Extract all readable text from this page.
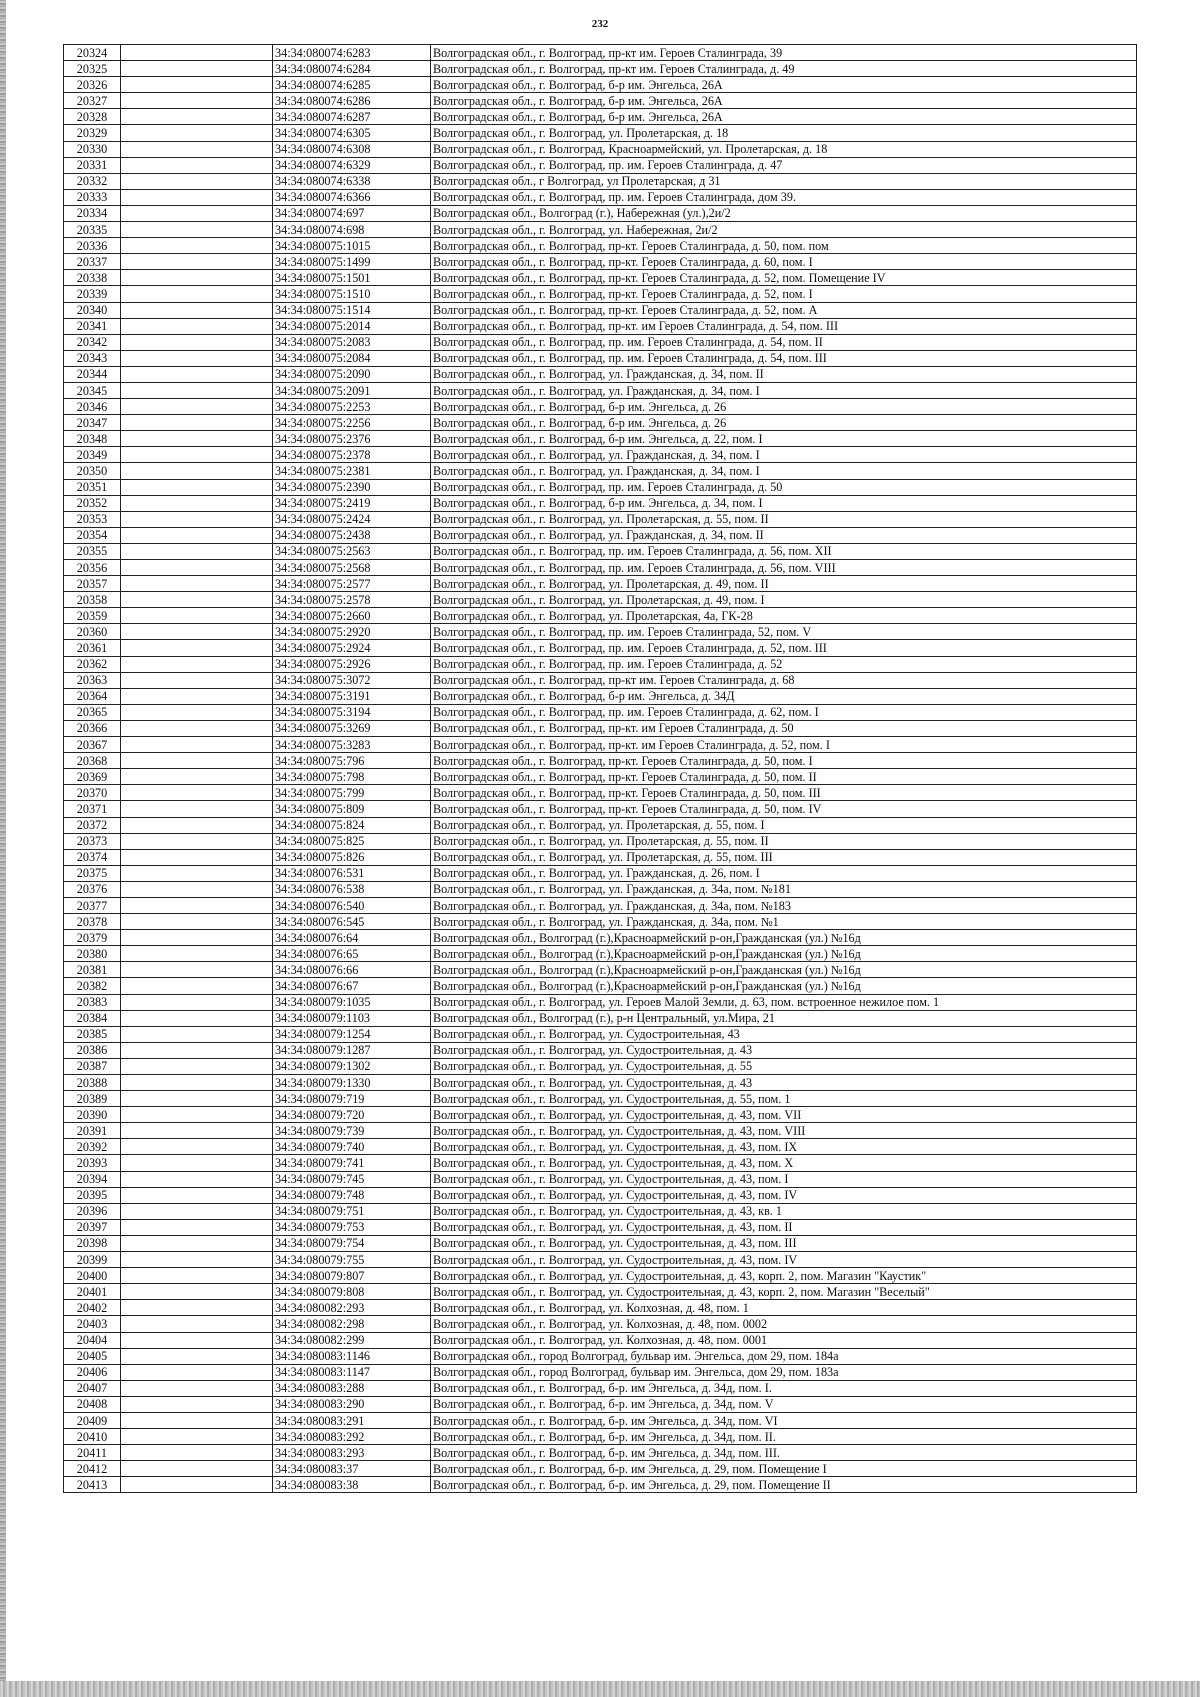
232
20324		34:34:080074:6283	Волгоградская обл., г. Волгоград, пр-кт им. Героев Сталинграда, 39
20325		34:34:080074:6284	Волгоградская обл., г. Волгоград, пр-кт им. Героев Сталинграда, д. 49
20326		34:34:080074:6285	Волгоградская обл., г. Волгоград, б-р им. Энгельса, 26А
20327		34:34:080074:6286	Волгоградская обл., г. Волгоград, б-р им. Энгельса, 26А
20328		34:34:080074:6287	Волгоградская обл., г. Волгоград, б-р им. Энгельса, 26А
20329		34:34:080074:6305	Волгоградская обл., г. Волгоград, ул. Пролетарская, д. 18
20330		34:34:080074:6308	Волгоградская обл., г. Волгоград, Красноармейский, ул. Пролетарская, д. 18
20331		34:34:080074:6329	Волгоградская обл., г. Волгоград, пр. им. Героев Сталинграда, д. 47
20332		34:34:080074:6338	Волгоградская обл., г Волгоград, ул Пролетарская, д 31
20333		34:34:080074:6366	Волгоградская обл., г. Волгоград, пр. им. Героев Сталинграда, дом 39.
20334		34:34:080074:697	Волгоградская обл., Волгоград (г.), Набережная (ул.),2и/2
20335		34:34:080074:698	Волгоградская обл., г. Волгоград, ул. Набережная, 2и/2
20336		34:34:080075:1015	Волгоградская обл., г. Волгоград, пр-кт. Героев Сталинграда, д. 50, пом. пом
20337		34:34:080075:1499	Волгоградская обл., г. Волгоград, пр-кт. Героев Сталинграда, д. 60, пом. I
20338		34:34:080075:1501	Волгоградская обл., г. Волгоград, пр-кт. Героев Сталинграда, д. 52, пом. Помещение IV
20339		34:34:080075:1510	Волгоградская обл., г. Волгоград, пр-кт. Героев Сталинграда, д. 52, пом. I
20340		34:34:080075:1514	Волгоградская обл., г. Волгоград, пр-кт. Героев Сталинграда, д. 52, пом. А
20341		34:34:080075:2014	Волгоградская обл., г. Волгоград, пр-кт. им Героев Сталинграда, д. 54, пом. III
20342		34:34:080075:2083	Волгоградская обл., г. Волгоград, пр. им. Героев Сталинграда, д. 54, пом. II
20343		34:34:080075:2084	Волгоградская обл., г. Волгоград, пр. им. Героев Сталинграда, д. 54, пом. III
20344		34:34:080075:2090	Волгоградская обл., г. Волгоград, ул. Гражданская, д. 34, пом. II
20345		34:34:080075:2091	Волгоградская обл., г. Волгоград, ул. Гражданская, д. 34, пом. I
20346		34:34:080075:2253	Волгоградская обл., г. Волгоград, б-р им. Энгельса, д. 26
20347		34:34:080075:2256	Волгоградская обл., г. Волгоград, б-р им. Энгельса, д. 26
20348		34:34:080075:2376	Волгоградская обл., г. Волгоград, б-р им. Энгельса, д. 22, пом. I
20349		34:34:080075:2378	Волгоградская обл., г. Волгоград, ул. Гражданская, д. 34, пом. I
20350		34:34:080075:2381	Волгоградская обл., г. Волгоград, ул. Гражданская, д. 34, пом. I
20351		34:34:080075:2390	Волгоградская обл., г. Волгоград, пр. им. Героев Сталинграда, д. 50
20352		34:34:080075:2419	Волгоградская обл., г. Волгоград, б-р им. Энгельса, д. 34, пом. I
20353		34:34:080075:2424	Волгоградская обл., г. Волгоград, ул. Пролетарская, д. 55, пом. II
20354		34:34:080075:2438	Волгоградская обл., г. Волгоград, ул. Гражданская, д. 34, пом. II
20355		34:34:080075:2563	Волгоградская обл., г. Волгоград, пр. им. Героев Сталинграда, д. 56, пом. XII
20356		34:34:080075:2568	Волгоградская обл., г. Волгоград, пр. им. Героев Сталинграда, д. 56, пом. VIII
20357		34:34:080075:2577	Волгоградская обл., г. Волгоград, ул. Пролетарская, д. 49, пом. II
20358		34:34:080075:2578	Волгоградская обл., г. Волгоград, ул. Пролетарская, д. 49, пом. I
20359		34:34:080075:2660	Волгоградская обл., г. Волгоград, ул. Пролетарская, 4а, ГК-28
20360		34:34:080075:2920	Волгоградская обл., г. Волгоград, пр. им. Героев Сталинграда, 52, пом. V
20361		34:34:080075:2924	Волгоградская обл., г. Волгоград, пр. им. Героев Сталинграда, д. 52, пом. III
20362		34:34:080075:2926	Волгоградская обл., г. Волгоград, пр. им. Героев Сталинграда, д. 52
20363		34:34:080075:3072	Волгоградская обл., г. Волгоград, пр-кт им. Героев Сталинграда, д. 68
20364		34:34:080075:3191	Волгоградская обл., г. Волгоград, б-р им. Энгельса, д. 34Д
20365		34:34:080075:3194	Волгоградская обл., г. Волгоград, пр. им. Героев Сталинграда, д. 62, пом. I
20366		34:34:080075:3269	Волгоградская обл., г. Волгоград, пр-кт. им Героев Сталинграда, д. 50
20367		34:34:080075:3283	Волгоградская обл., г. Волгоград, пр-кт. им Героев Сталинграда, д. 52, пом. I
20368		34:34:080075:796	Волгоградская обл., г. Волгоград, пр-кт. Героев Сталинграда, д. 50, пом. I
20369		34:34:080075:798	Волгоградская обл., г. Волгоград, пр-кт. Героев Сталинграда, д. 50, пом. II
20370		34:34:080075:799	Волгоградская обл., г. Волгоград, пр-кт. Героев Сталинграда, д. 50, пом. III
20371		34:34:080075:809	Волгоградская обл., г. Волгоград, пр-кт. Героев Сталинграда, д. 50, пом. IV
20372		34:34:080075:824	Волгоградская обл., г. Волгоград, ул. Пролетарская, д. 55, пом. I
20373		34:34:080075:825	Волгоградская обл., г. Волгоград, ул. Пролетарская, д. 55, пом. II
20374		34:34:080075:826	Волгоградская обл., г. Волгоград, ул. Пролетарская, д. 55, пом. III
20375		34:34:080076:531	Волгоградская обл., г. Волгоград, ул. Гражданская, д. 26, пом. I
20376		34:34:080076:538	Волгоградская обл., г. Волгоград, ул. Гражданская, д. 34а, пом. №181
20377		34:34:080076:540	Волгоградская обл., г. Волгоград, ул. Гражданская, д. 34а, пом. №183
20378		34:34:080076:545	Волгоградская обл., г. Волгоград, ул. Гражданская, д. 34а, пом. №1
20379		34:34:080076:64	Волгоградская обл., Волгоград (г.),Красноармейский р-он,Гражданская (ул.) №16д
20380		34:34:080076:65	Волгоградская обл., Волгоград (г.),Красноармейский р-он,Гражданская (ул.) №16д
20381		34:34:080076:66	Волгоградская обл., Волгоград (г.),Красноармейский р-он,Гражданская (ул.) №16д
20382		34:34:080076:67	Волгоградская обл., Волгоград (г.),Красноармейский р-он,Гражданская (ул.) №16д
20383		34:34:080079:1035	Волгоградская обл., г. Волгоград, ул. Героев Малой Земли, д. 63, пом. встроенное нежилое пом. 1
20384		34:34:080079:1103	Волгоградская обл., Волгоград (г.), р-н Центральный, ул.Мира, 21
20385		34:34:080079:1254	Волгоградская обл., г. Волгоград, ул. Судостроительная, 43
20386		34:34:080079:1287	Волгоградская обл., г. Волгоград, ул. Судостроительная, д. 43
20387		34:34:080079:1302	Волгоградская обл., г. Волгоград, ул. Судостроительная, д. 55
20388		34:34:080079:1330	Волгоградская обл., г. Волгоград, ул. Судостроительная, д. 43
20389		34:34:080079:719	Волгоградская обл., г. Волгоград, ул. Судостроительная, д. 55, пом. 1
20390		34:34:080079:720	Волгоградская обл., г. Волгоград, ул. Судостроительная, д. 43, пом. VII
20391		34:34:080079:739	Волгоградская обл., г. Волгоград, ул. Судостроительная, д. 43, пом. VIII
20392		34:34:080079:740	Волгоградская обл., г. Волгоград, ул. Судостроительная, д. 43, пом. IX
20393		34:34:080079:741	Волгоградская обл., г. Волгоград, ул. Судостроительная, д. 43, пом. X
20394		34:34:080079:745	Волгоградская обл., г. Волгоград, ул. Судостроительная, д. 43, пом. I
20395		34:34:080079:748	Волгоградская обл., г. Волгоград, ул. Судостроительная, д. 43, пом. IV
20396		34:34:080079:751	Волгоградская обл., г. Волгоград, ул. Судостроительная, д. 43, кв. 1
20397		34:34:080079:753	Волгоградская обл., г. Волгоград, ул. Судостроительная, д. 43, пом. II
20398		34:34:080079:754	Волгоградская обл., г. Волгоград, ул. Судостроительная, д. 43, пом. III
20399		34:34:080079:755	Волгоградская обл., г. Волгоград, ул. Судостроительная, д. 43, пом. IV
20400		34:34:080079:807	Волгоградская обл., г. Волгоград, ул. Судостроительная, д. 43, корп. 2, пом. Магазин "Каустик"
20401		34:34:080079:808	Волгоградская обл., г. Волгоград, ул. Судостроительная, д. 43, корп. 2, пом. Магазин "Веселый"
20402		34:34:080082:293	Волгоградская обл., г. Волгоград, ул. Колхозная, д. 48, пом. 1
20403		34:34:080082:298	Волгоградская обл., г. Волгоград, ул. Колхозная, д. 48, пом. 0002
20404		34:34:080082:299	Волгоградская обл., г. Волгоград, ул. Колхозная, д. 48, пом. 0001
20405		34:34:080083:1146	Волгоградская обл., город Волгоград, бульвар им. Энгельса, дом 29, пом. 184а
20406		34:34:080083:1147	Волгоградская обл., город Волгоград, бульвар им. Энгельса, дом 29, пом. 183а
20407		34:34:080083:288	Волгоградская обл., г. Волгоград, б-р. им Энгельса, д. 34д, пом. I.
20408		34:34:080083:290	Волгоградская обл., г. Волгоград, б-р. им Энгельса, д. 34д, пом. V
20409		34:34:080083:291	Волгоградская обл., г. Волгоград, б-р. им Энгельса, д. 34д, пом. VI
20410		34:34:080083:292	Волгоградская обл., г. Волгоград, б-р. им Энгельса, д. 34д, пом. II.
20411		34:34:080083:293	Волгоградская обл., г. Волгоград, б-р. им Энгельса, д. 34д, пом. III.
20412		34:34:080083:37	Волгоградская обл., г. Волгоград, б-р. им Энгельса, д. 29, пом. Помещение I
20413		34:34:080083:38	Волгоградская обл., г. Волгоград, б-р. им Энгельса, д. 29, пом. Помещение II
